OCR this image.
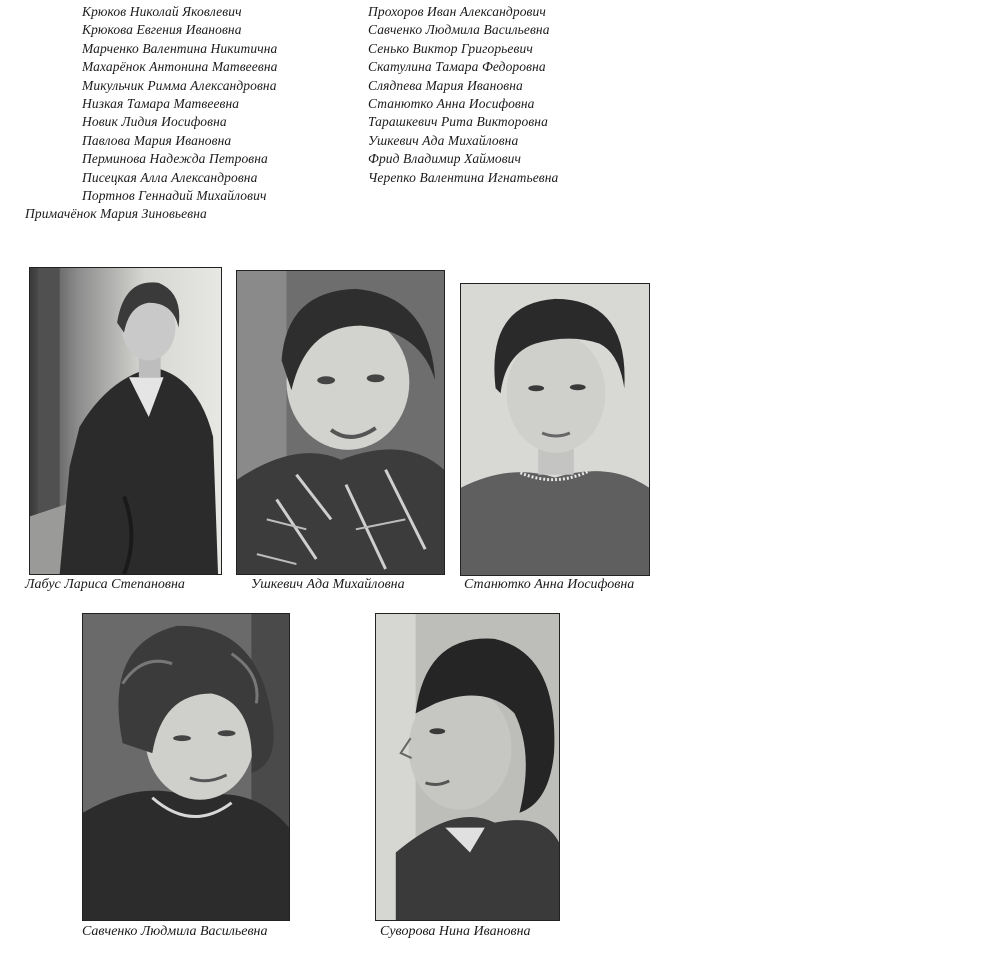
Крюков Николай Яковлевич
Крюкова Евгения Ивановна
Марченко Валентина Никитична
Махарёнок Антонина Матвеевна
Микульчик Римма Александровна
Низкая Тамара Матвеевна
Новик Лидия Иосифовна
Павлова Мария Ивановна
Перминова Надежда Петровна
Писецкая Алла Александровна
Портнов Геннадий Михайлович
Примачёнок Мария Зиновьевна
Прохоров Иван Александрович
Савченко Людмила Васильевна
Сенько Виктор Григорьевич
Скатулина Тамара Федоровна
Слядnева Мария Ивановна
Станютко Анна Иосифовна
Тарашкевич Рита Викторовна
Ушкевич Ада Михайловна
Фрид Владимир Хаймович
Черепко Валентина Игнатьевна
Лабус Лариса Степановна	Ушкевич Ада Михайловна	Станютко Анна Иосифовна
Савченко Людмила Васильевна	Суворова Нина Ивановна
